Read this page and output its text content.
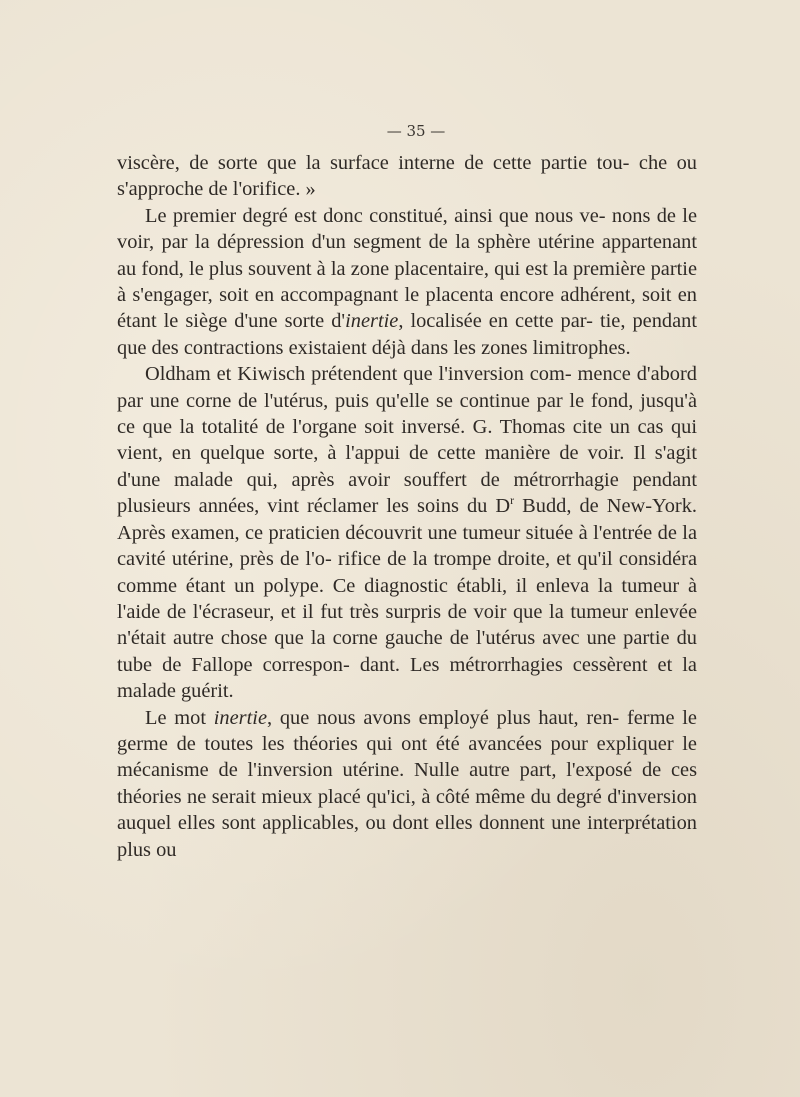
— 35 —

viscère, de sorte que la surface interne de cette partie tou- che ou s'approche de l'orifice. »

Le premier degré est donc constitué, ainsi que nous ve- nons de le voir, par la dépression d'un segment de la sphère utérine appartenant au fond, le plus souvent à la zone placentaire, qui est la première partie à s'engager, soit en accompagnant le placenta encore adhérent, soit en étant le siège d'une sorte d'inertie, localisée en cette par- tie, pendant que des contractions existaient déjà dans les zones limitrophes.

Oldham et Kiwisch prétendent que l'inversion com- mence d'abord par une corne de l'utérus, puis qu'elle se continue par le fond, jusqu'à ce que la totalité de l'organe soit inversé. G. Thomas cite un cas qui vient, en quelque sorte, à l'appui de cette manière de voir. Il s'agit d'une malade qui, après avoir souffert de métrorrhagie pendant plusieurs années, vint réclamer les soins du $D^r$ Budd, de New-York. Après examen, ce praticien découvrit une tumeur située à l'entrée de la cavité utérine, près de l'o- rifice de la trompe droite, et qu'il considéra comme étant un polype. Ce diagnostic établi, il enleva la tumeur à l'aide de l'écraseur, et il fut très surpris de voir que la tumeur enlevée n'était autre chose que la corne gauche de l'utérus avec une partie du tube de Fallope correspon- dant. Les métrorrhagies cessèrent et la malade guérit.

Le mot inertie, que nous avons employé plus haut, ren- ferme le germe de toutes les théories qui ont été avancées pour expliquer le mécanisme de l'inversion utérine. Nulle autre part, l'exposé de ces théories ne serait mieux placé qu'ici, à côté même du degré d'inversion auquel elles sont applicables, ou dont elles donnent une interprétation plus ou
